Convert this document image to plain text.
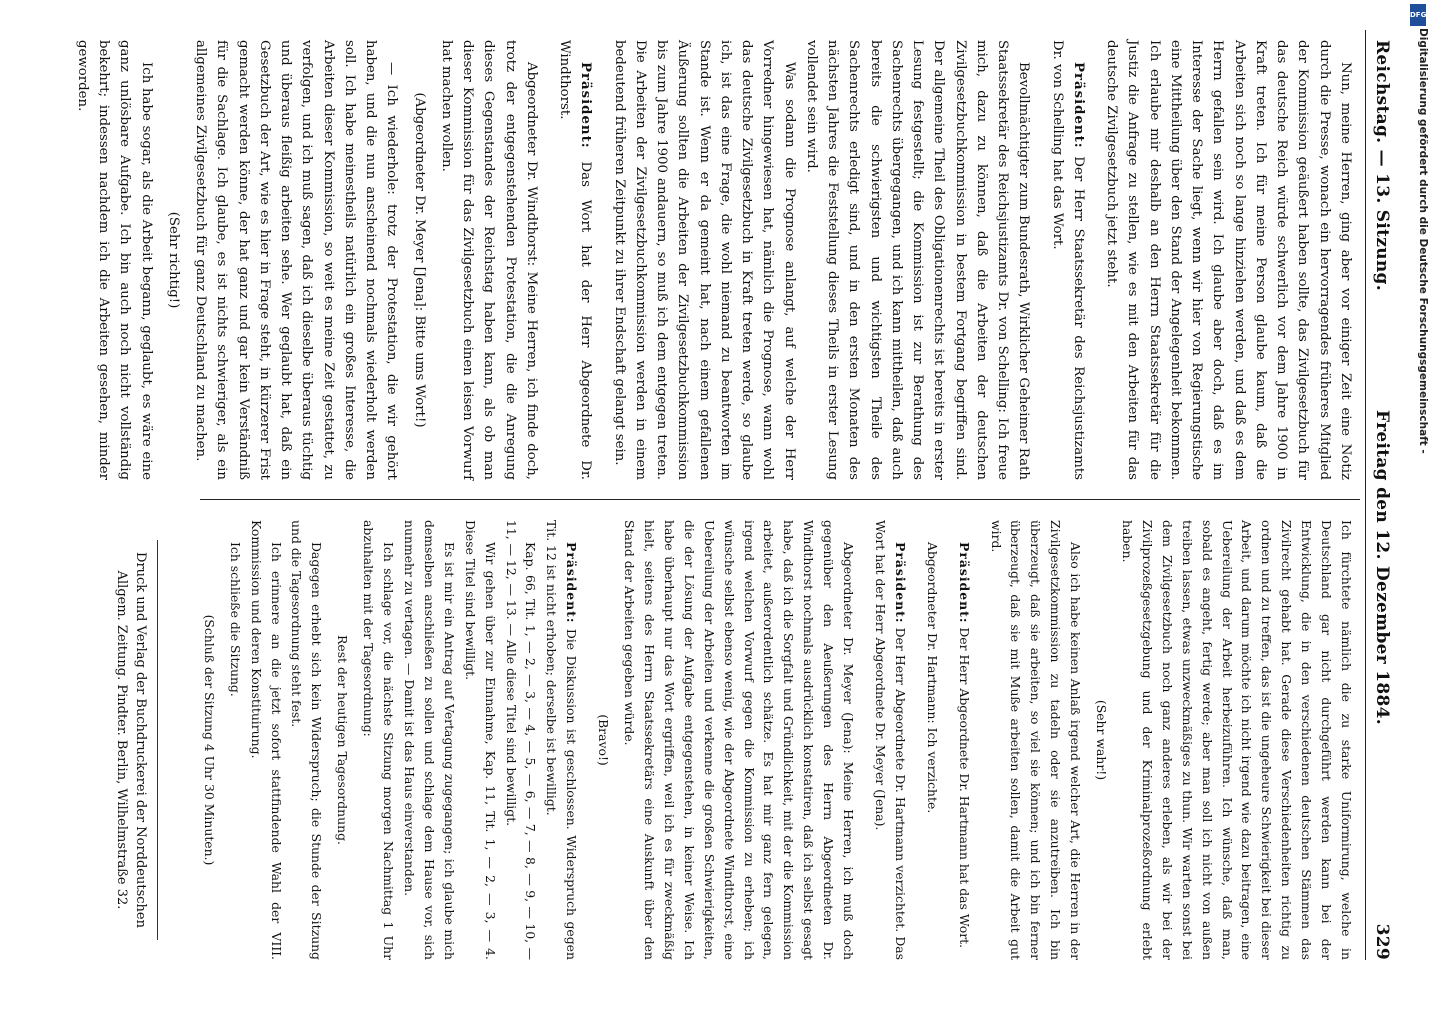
Reichstag. — 13. Sitzung.
Freitag den 12. Dezember 1884.
329

Nun, meine Herren, ging aber vor einiger Zeit eine Notiz durch die Presse, wonach ein hervorragendes früheres Mitglied der Kommission geäußert haben sollte, das Zivilgesetzbuch für das deutsche Reich würde schwerlich vor dem Jahre 1900 in Kraft treten. Ich für meine Person glaube kaum, daß die Arbeiten sich noch so lange hinziehen werden, und daß es dem Herrn gefallen sein wird. Ich glaube aber doch, daß es im Interesse der Sache liegt, wenn wir hier von Regierungstische eine Mittheilung über den Stand der Angelegenheit bekommen. Ich erlaube mir deshalb an den Herrn Staatssekretär für die Justiz die Anfrage zu stellen, wie es mit den Arbeiten für das deutsche Zivilgesetzbuch jetzt steht.

Präsident: Der Herr Staatssekretär des Reichsjustizamts Dr. von Schelling hat das Wort.

Bevollmächtigter zum Bundesrath, Wirklicher Geheimer Rath Staatssekretär des Reichsjustizamts Dr. von Schelling: Ich freue mich, dazu zu können, daß die Arbeiten der deutschen Zivilgesetzbuchkommission in bestem Fortgang begriffen sind. Der allgemeine Theil des Obligationenrechts ist bereits in erster Lesung festgestellt; die Kommission ist zur Berathung des Sachenrechts übergegangen, und ich kann mittheilen, daß auch bereits die schwierigsten und wichtigsten Theile des Sachenrechts erledigt sind, und in den ersten Monaten des nächsten Jahres die Feststellung dieses Theils in erster Lesung vollendet sein wird.

Was sodann die Prognose anlangt, auf welche der Herr Vorredner hingewiesen hat, nämlich die Prognose, wann wohl das deutsche Zivilgesetzbuch in Kraft treten werde, so glaube ich, ist das eine Frage, die wohl niemand zu beantworten im Stande ist. Wenn er da gemeint hat, nach einem gefallenen Äußerung sollten die Arbeiten der Zivilgesetzbuchkommission bis zum Jahre 1900 andauern, so muß ich dem entgegen treten. Die Arbeiten der Zivilgesetzbuchkommission werden in einem bedeutend früheren Zeitpunkt zu ihrer Endschaft gelangt sein.

Präsident: Das Wort hat der Herr Abgeordnete Dr. Windthorst.

Abgeordneter Dr. Windthorst: Meine Herren, ich finde doch, trotz der entgegenstehenden Protestation, die die Anregung dieses Gegenstandes der Reichstag haben kann, als ob man dieser Kommission für das Zivilgesetzbuch einen leisen Vorwurf hat machen wollen.

(Abgeordneter Dr. Meyer [Jena]: Bitte ums Wort!)

— Ich wiederhole: trotz der Protestation, die wir gehört haben, und die nun anscheinend nochmals wiederholt werden soll. Ich habe meinestheils natürlich ein großes Interesse, die Arbeiten dieser Kommission, so weit es meine Zeit gestattet, zu verfolgen, und ich muß sagen, daß ich dieselbe überaus tüchtig und überaus fleißig arbeiten sehe. Wer geglaubt hat, daß ein Gesetzbuch der Art, wie es hier in Frage steht, in kürzerer Frist gemacht werden könne, der hat ganz und gar kein Verständniß für die Sachlage. Ich glaube, es ist nichts schwieriger, als ein allgemeines Zivilgesetzbuch für ganz Deutschland zu machen.

(Sehr richtig!)

Ich habe sogar, als die Arbeit begann, geglaubt, es wäre eine ganz unlösbare Aufgabe. Ich bin auch noch nicht vollständig bekehrt; indessen nachdem ich die Arbeiten gesehen, minder geworden.

Ich fürchtete nämlich die zu starke Uniformirung, welche in Deutschland gar nicht durchgeführt werden kann bei der Entwicklung, die in den verschiedenen deutschen Stämmen das Zivilrecht gehabt hat. Gerade diese Verschiedenheiten richtig zu ordnen und zu treffen, das ist die ungeheure Schwierigkeit bei dieser Arbeit, und darum möchte ich nicht irgend wie dazu beitragen, eine Uebereilung der Arbeit herbeizuführen. Ich wünsche, daß man, sobald es angeht, fertig werde; aber man soll ich nicht von außen treiben lassen, etwas unzweckmäßiges zu thun. Wir warten sonst bei dem Zivilgesetzbuch noch ganz anderes erleben, als wir bei der Zivilprozeßgesetzgebung und der Kriminalprozeßordnung erlebt haben.

(Sehr wahr!)

Also ich habe keinen Anlaß irgend welcher Art, die Herren in der Zivilgesetzkommission zu tadeln oder sie anzutreiben. Ich bin überzeugt, daß sie arbeiten, so viel sie können; und ich bin ferner überzeugt, daß sie mit Muße arbeiten sollen, damit die Arbeit gut wird.

Präsident: Der Herr Abgeordnete Dr. Hartmann hat das Wort.

Abgeordneter Dr. Hartmann: Ich verzichte.

Präsident: Der Herr Abgeordnete Dr. Hartmann verzichtet. Das Wort hat der Herr Abgeordnete Dr. Meyer (Jena).

Abgeordneter Dr. Meyer (Jena): Meine Herren, ich muß doch gegenüber den Aeußerungen des Herrn Abgeordneten Dr. Windthorst nochmals ausdrücklich konstatiren, daß ich selbst gesagt habe, daß ich die Sorgfalt und Gründlichkeit, mit der die Kommission arbeitet, außerordentlich schätze. Es hat mir ganz fern gelegen, irgend welchen Vorwurf gegen die Kommission zu erheben; ich wünsche selbst ebenso wenig, wie der Abgeordnete Windthorst, eine Uebereilung der Arbeiten und verkenne die großen Schwierigkeiten, die der Lösung der Aufgabe entgegenstehen, in keiner Weise. Ich habe überhaupt nur das Wort ergriffen, weil ich es für zweckmäßig hielt, seitens des Herrn Staatssekretärs eine Auskunft über den Stand der Arbeiten gegeben würde.

(Bravo!)

Präsident: Die Diskussion ist geschlossen. Widerspruch gegen Tit. 12 ist nicht erhoben; derselbe ist bewilligt.

Kap. 66, Tit. 1, — 2, — 3, — 4, — 5, — 6, — 7, — 8, — 9, — 10, — 11, — 12, — 13. — Alle diese Titel sind bewilligt.

Wir gehen über zur Einnahme, Kap. 11, Tit. 1, — 2, — 3, — 4. Diese Titel sind bewilligt.

Es ist mir ein Antrag auf Vertagung zugegangen; ich glaube mich demselben anschließen zu sollen und schlage dem Hause vor, sich nunmehr zu vertagen. — Damit ist das Haus einverstanden.

Ich schlage vor, die nächste Sitzung morgen Nachmittag 1 Uhr abzuhalten mit der Tagesordnung:

Rest der heutigen Tagesordnung.

Dagegen erhebt sich kein Widerspruch; die Stunde der Sitzung und die Tagesordnung steht fest.

Ich erinnere an die jetzt sofort stattfindende Wahl der VIII. Kommission und deren Konstituirung.

Ich schließe die Sitzung.

(Schluß der Sitzung 4 Uhr 30 Minuten.)

Druck und Verlag der Buchdruckerei der Norddeutschen Allgem. Zeitung. Pindter. Berlin, Wilhelmstraße 32.
DFG
Digitalisierung gefördert durch die Deutsche Forschungsgemeinschaft -
